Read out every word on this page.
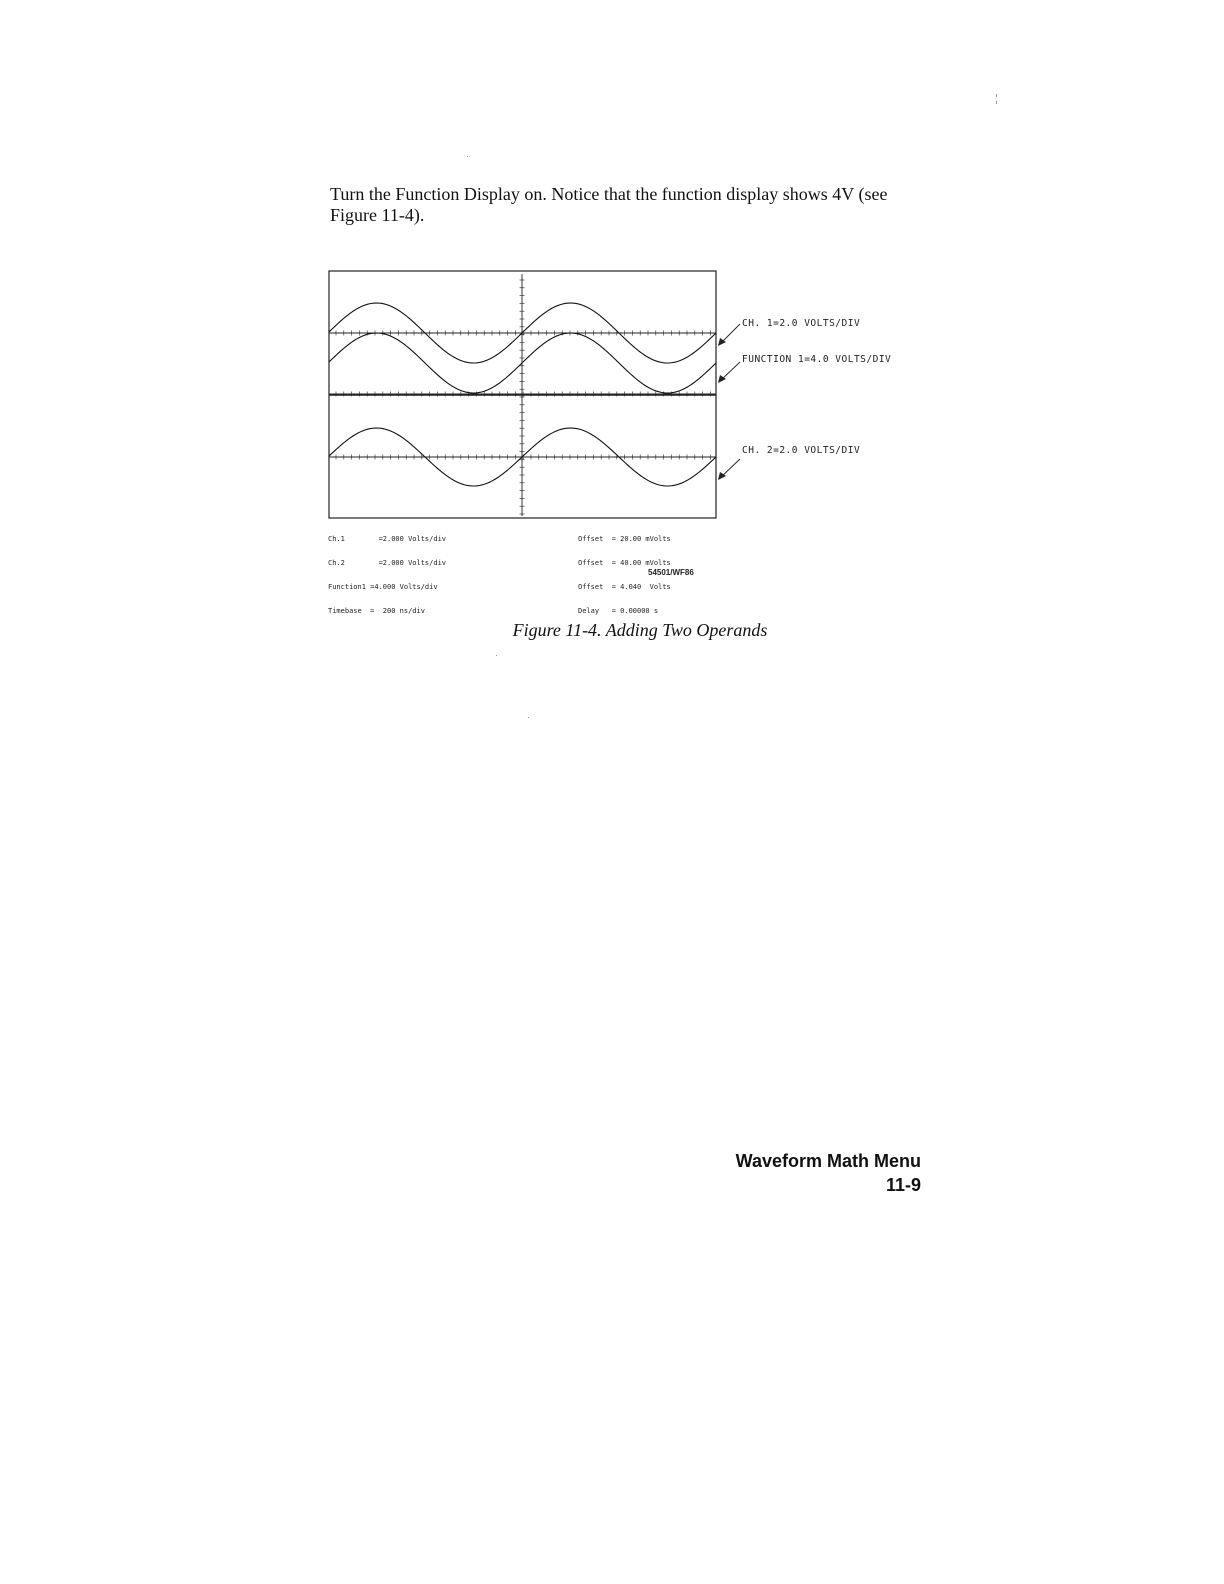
Turn the Function Display on. Notice that the function display shows 4V (see Figure 11-4).

CH. 1=2.0 VOLTS/DIV
FUNCTION 1=4.0 VOLTS/DIV
CH. 2=2.0 VOLTS/DIV

Ch.1        =2.000 Volts/div

Ch.2        =2.000 Volts/div

Function1 =4.000 Volts/div

Timebase  =  200 ns/div

Offset  = 20.00 mVolts

Offset  = 40.00 mVolts

Offset  = 4.040  Volts

Delay   = 0.00000 s

54501/WF86

Figure 11-4. Adding Two Operands

Waveform Math Menu
11-9
